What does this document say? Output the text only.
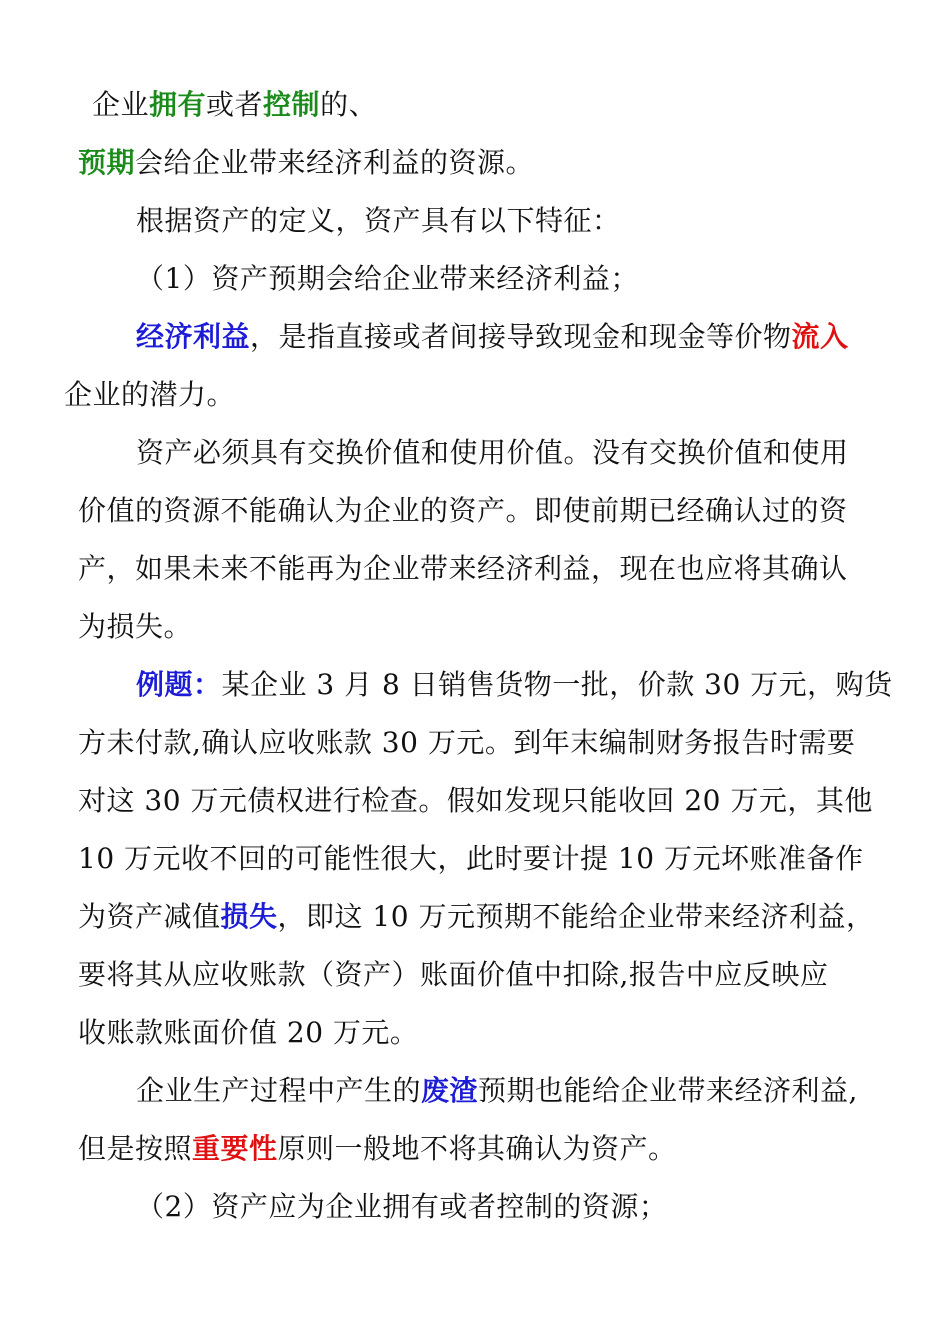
企业拥有或者控制的、
预期会给企业带来经济利益的资源。
根据资产的定义，资产具有以下特征：
（1）资产预期会给企业带来经济利益；
经济利益，是指直接或者间接导致现金和现金等价物流入
企业的潜力。
资产必须具有交换价值和使用价值。没有交换价值和使用
价值的资源不能确认为企业的资产。即使前期已经确认过的资
产，如果未来不能再为企业带来经济利益，现在也应将其确认
为损失。
例题：某企业 3 月 8 日销售货物一批，价款 30 万元，购货
方未付款,确认应收账款 30 万元。到年末编制财务报告时需要
对这 30 万元债权进行检查。假如发现只能收回 20 万元，其他
10 万元收不回的可能性很大，此时要计提 10 万元坏账准备作
为资产减值损失，即这 10 万元预期不能给企业带来经济利益，
要将其从应收账款（资产）账面价值中扣除,报告中应反映应
收账款账面价值 20 万元。
企业生产过程中产生的废渣预期也能给企业带来经济利益,
但是按照重要性原则一般地不将其确认为资产。
（2）资产应为企业拥有或者控制的资源；
